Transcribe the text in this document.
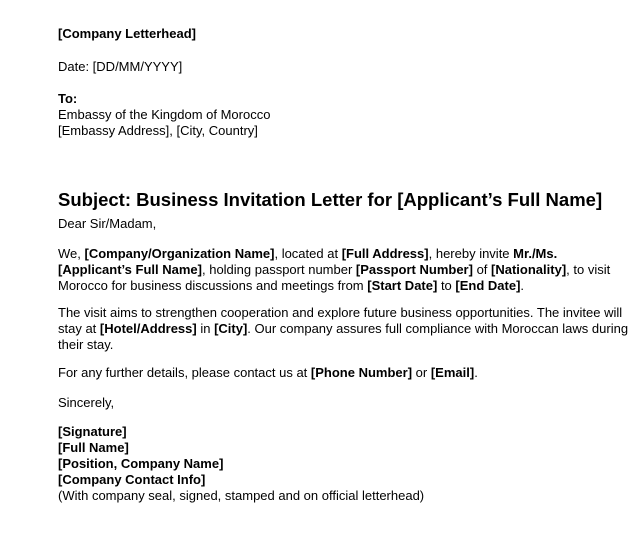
[Company Letterhead]

Date: [DD/MM/YYYY]

To:

Embassy of the Kingdom of Morocco

[Embassy Address], [City, Country]

Subject: Business Invitation Letter for [Applicant’s Full Name]

Dear Sir/Madam,

We, [Company/Organization Name], located at [Full Address], hereby invite Mr./Ms.

[Applicant’s Full Name], holding passport number [Passport Number] of [Nationality], to visit

Morocco for business discussions and meetings from [Start Date] to [End Date].

The visit aims to strengthen cooperation and explore future business opportunities. The invitee will

stay at [Hotel/Address] in [City]. Our company assures full compliance with Moroccan laws during

their stay.

For any further details, please contact us at [Phone Number] or [Email].

Sincerely,

[Signature]

[Full Name]

[Position, Company Name]

[Company Contact Info]

(With company seal, signed, stamped and on official letterhead)
